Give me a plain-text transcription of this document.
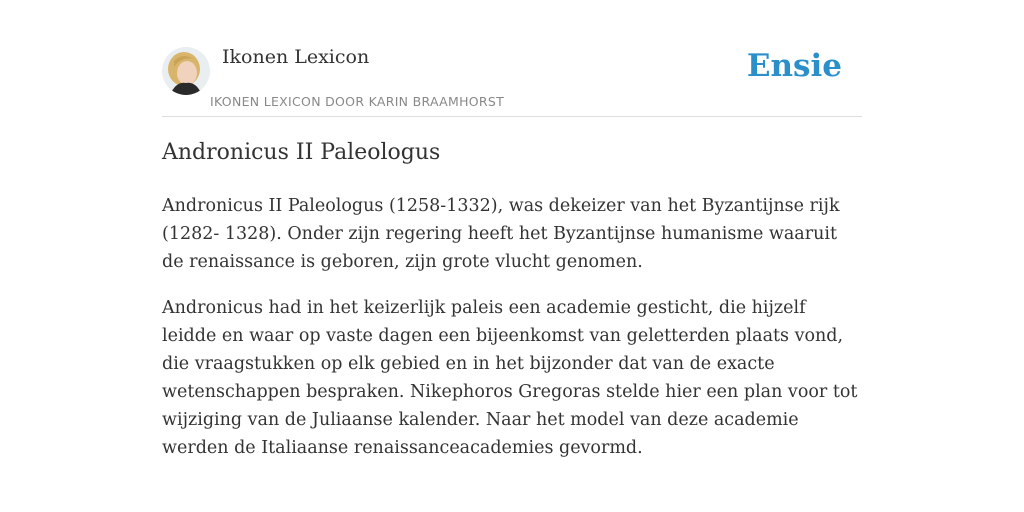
Ikonen Lexicon
IKONEN LEXICON DOOR KARIN BRAAMHORST
Ensie
Andronicus II Paleologus

Andronicus II Paleologus (1258-1332), was dekeizer van het Byzantijnse rijk (1282- 1328). Onder zijn regering heeft het Byzantijnse humanisme waaruit de renaissance is geboren, zijn grote vlucht genomen.

Andronicus had in het keizerlijk paleis een academie gesticht, die hijzelf leidde en waar op vaste dagen een bijeenkomst van geletterden plaats vond, die vraagstukken op elk gebied en in het bijzonder dat van de exacte wetenschappen bespraken. Nikephoros Gregoras stelde hier een plan voor tot wijziging van de Juliaanse kalender. Naar het model van deze academie werden de Italiaanse renaissanceacademies gevormd.
